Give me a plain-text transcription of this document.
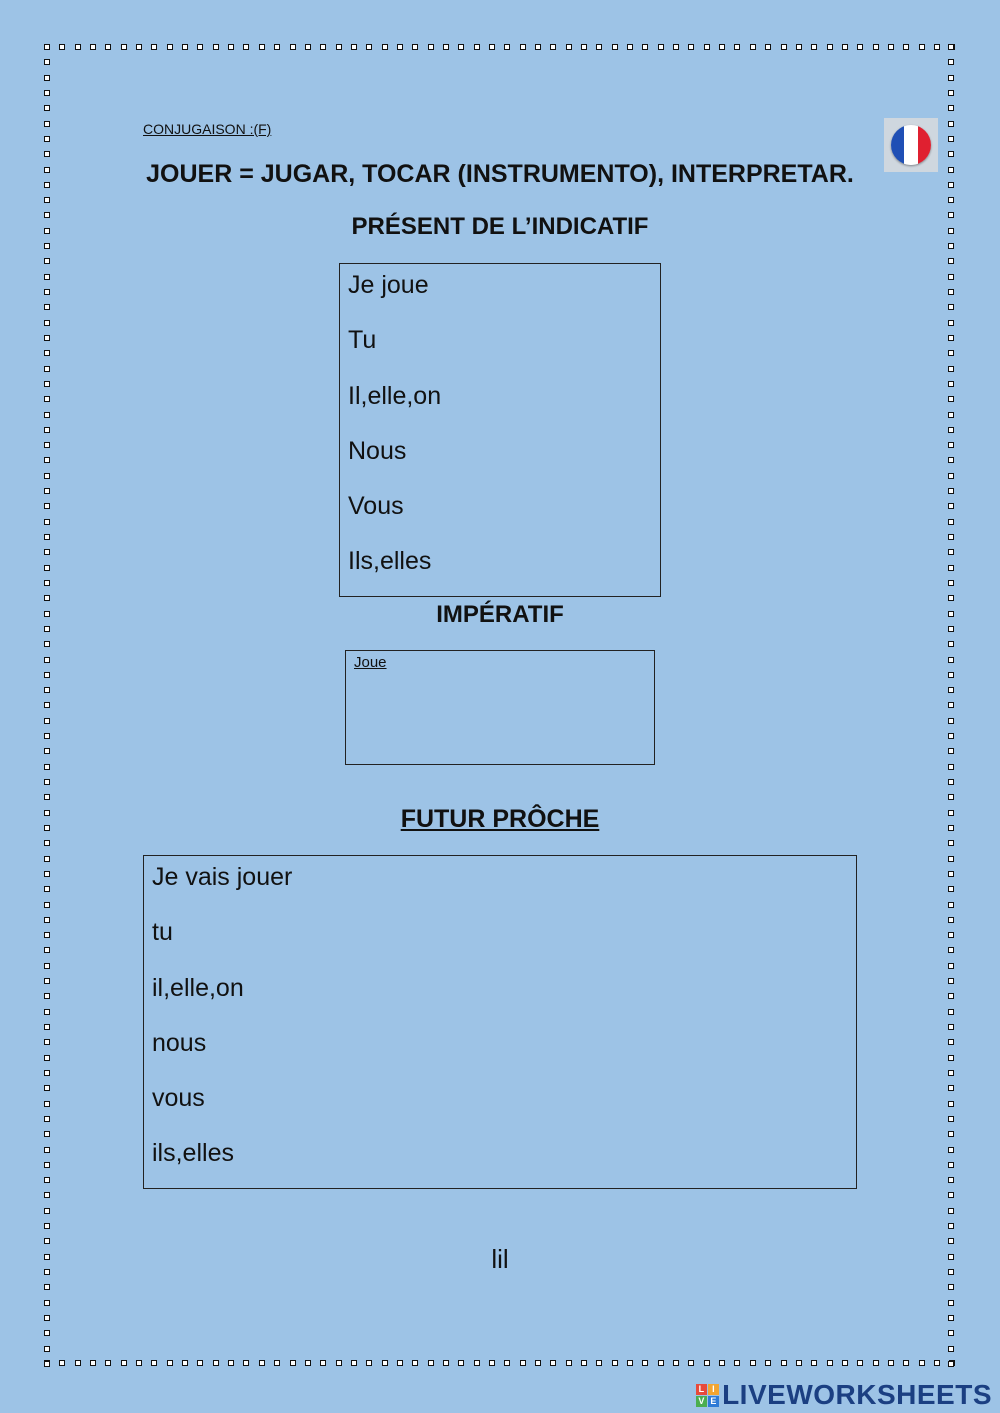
CONJUGAISON :(F)
JOUER = JUGAR, TOCAR (INSTRUMENTO), INTERPRETAR.
PRÉSENT DE L’INDICATIF
Je joue
Tu
Il,elle,on
Nous
Vous
Ils,elles
IMPÉRATIF
Joue
FUTUR PRÔCHE
Je vais jouer
tu
il,elle,on
nous
vous
ils,elles
lil
L I
V E LIVEWORKSHEETS
